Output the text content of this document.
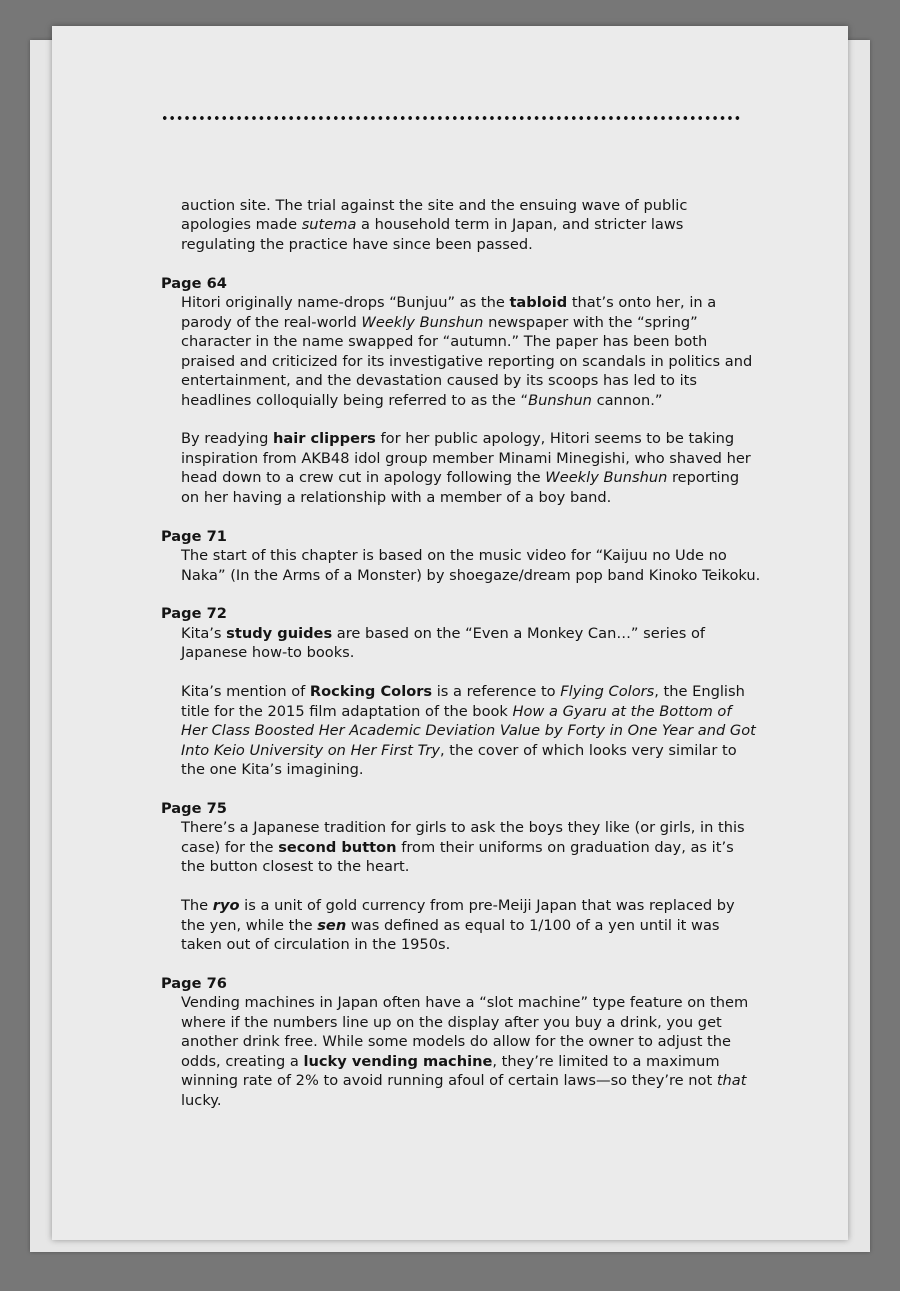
auction site. The trial against the site and the ensuing wave of public apologies made sutema a household term in Japan, and stricter laws regulating the practice have since been passed.

Page 64

Hitori originally name-drops “Bunjuu” as the tabloid that’s onto her, in a parody of the real-world Weekly Bunshun newspaper with the “spring” character in the name swapped for “autumn.” The paper has been both praised and criticized for its investigative reporting on scandals in politics and entertainment, and the devastation caused by its scoops has led to its headlines colloquially being referred to as the “Bunshun cannon.”

By readying hair clippers for her public apology, Hitori seems to be taking inspiration from AKB48 idol group member Minami Minegishi, who shaved her head down to a crew cut in apology following the Weekly Bunshun reporting on her having a relationship with a member of a boy band.

Page 71

The start of this chapter is based on the music video for “Kaijuu no Ude no Naka” (In the Arms of a Monster) by shoegaze/dream pop band Kinoko Teikoku.

Page 72

Kita’s study guides are based on the “Even a Monkey Can…” series of Japanese how-to books.

Kita’s mention of Rocking Colors is a reference to Flying Colors, the English title for the 2015 film adaptation of the book How a Gyaru at the Bottom of Her Class Boosted Her Academic Deviation Value by Forty in One Year and Got Into Keio University on Her First Try, the cover of which looks very similar to the one Kita’s imagining.

Page 75

There’s a Japanese tradition for girls to ask the boys they like (or girls, in this case) for the second button from their uniforms on graduation day, as it’s the button closest to the heart.

The ryo is a unit of gold currency from pre-Meiji Japan that was replaced by the yen, while the sen was defined as equal to 1/100 of a yen until it was taken out of circulation in the 1950s.

Page 76

Vending machines in Japan often have a “slot machine” type feature on them where if the numbers line up on the display after you buy a drink, you get another drink free. While some models do allow for the owner to adjust the odds, creating a lucky vending machine, they’re limited to a maximum winning rate of 2% to avoid running afoul of certain laws—so they’re not that lucky.
